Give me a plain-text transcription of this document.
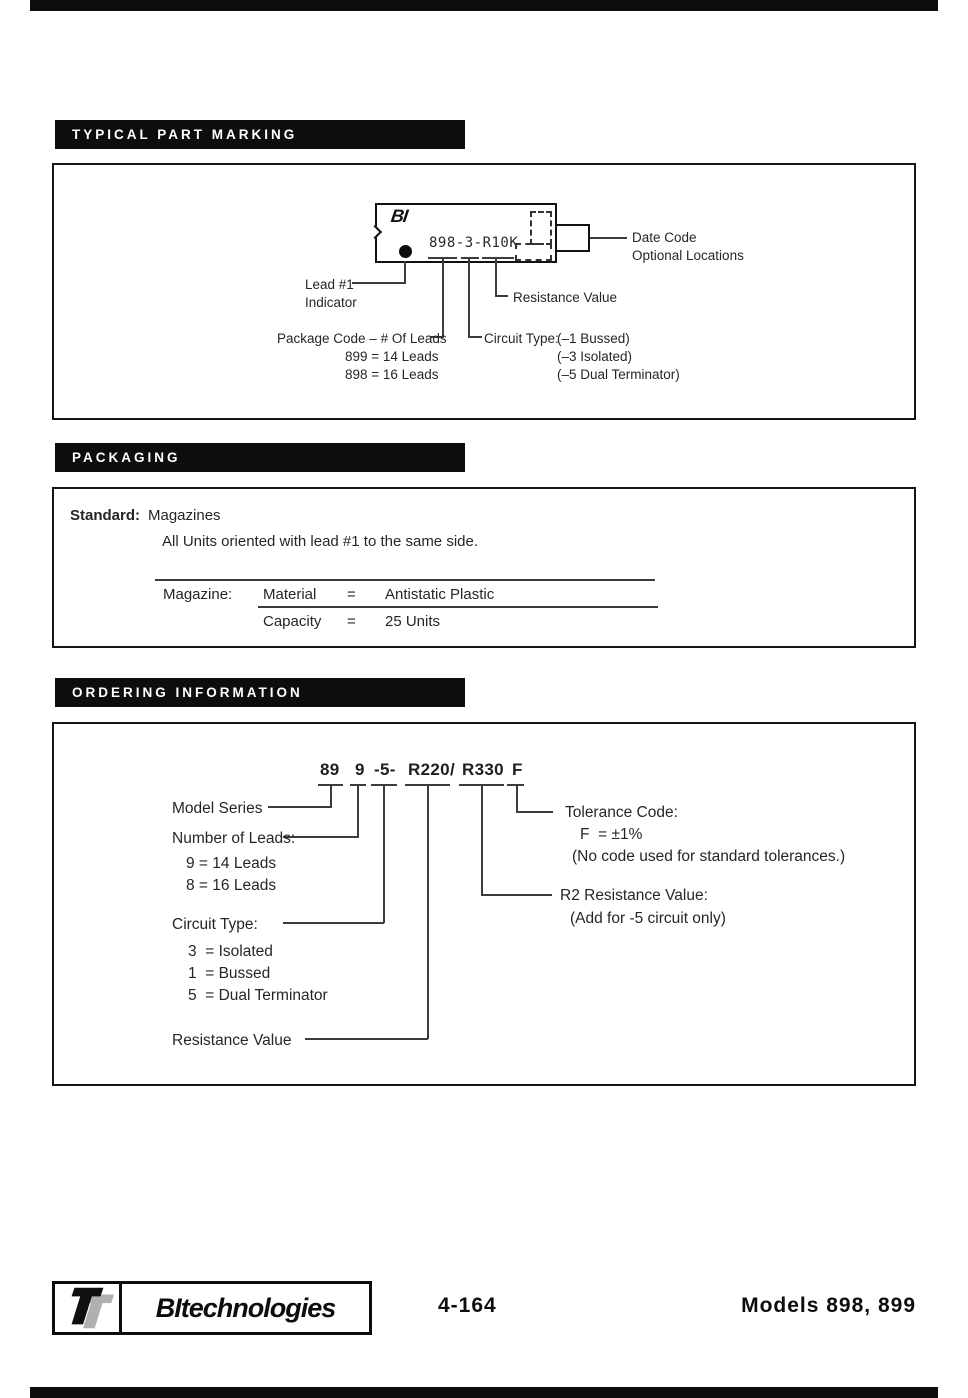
TYPICAL PART MARKING
BI
898-3-R10K	Date Code
Optional Locations
Lead #1
Indicator	Resistance Value
Package Code – # Of Leads
899 = 14 Leads
898 = 16 Leads
Circuit Type:
(–1 Bussed)
(–3 Isolated)
(–5 Dual Terminator)
PACKAGING
Standard: Magazines
All Units oriented with lead #1 to the same side.
Magazine: Material = Antistatic Plastic
Capacity = 25 Units
ORDERING INFORMATION
89 9 -5- R220 / R330 F
Model Series
Number of Leads:
9 = 14 Leads
8 = 16 Leads
Circuit Type:
3  = Isolated
1  = Bussed
5  = Dual Terminator
Resistance Value
Tolerance Code:
F  = ±1%
(No code used for standard tolerances.)
R2 Resistance Value:
(Add for -5 circuit only)
BI technologies	4-164	Models 898, 899
